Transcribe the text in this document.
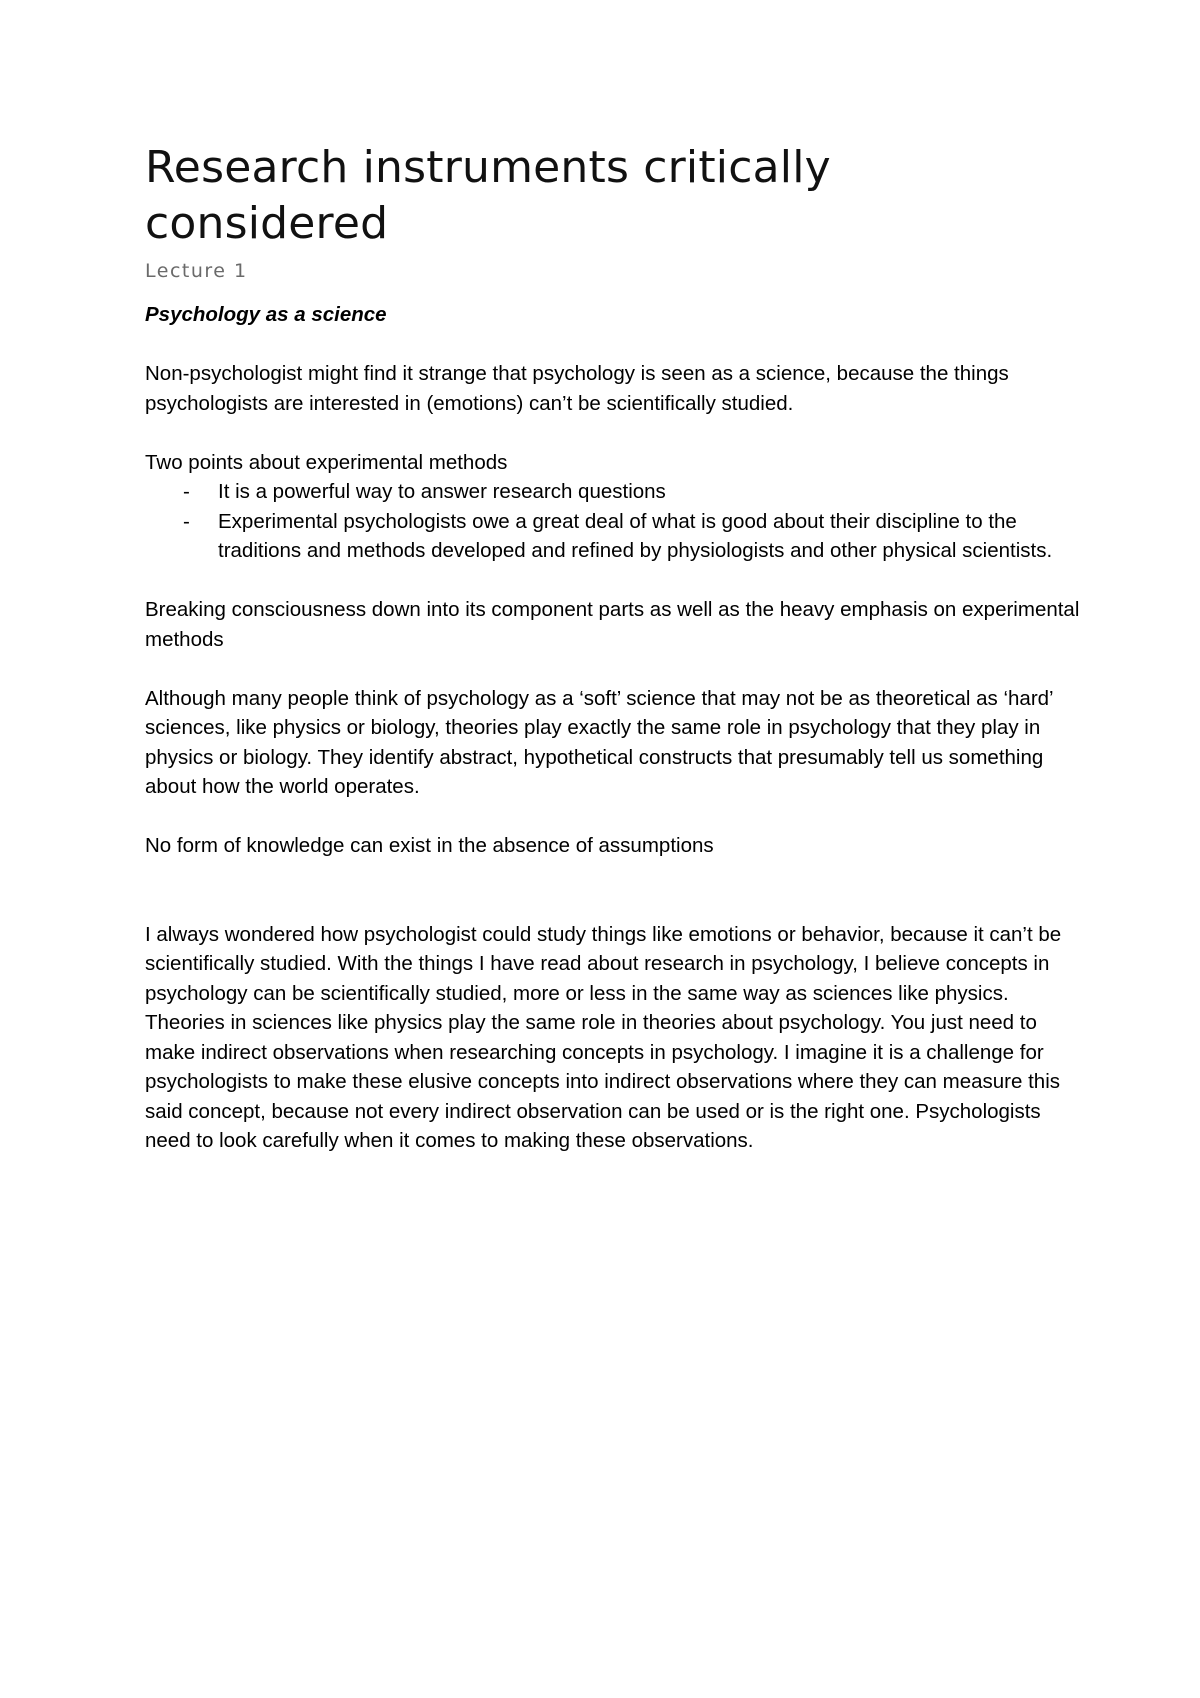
Research instruments critically considered
Lecture 1
Psychology as a science

Non-psychologist might find it strange that psychology is seen as a science, because the things psychologists are interested in (emotions) can’t be scientifically studied.

Two points about experimental methods

- It is a powerful way to answer research questions
- Experimental psychologists owe a great deal of what is good about their discipline to the traditions and methods developed and refined by physiologists and other physical scientists.

Breaking consciousness down into its component parts as well as the heavy emphasis on experimental methods

Although many people think of psychology as a ‘soft’ science that may not be as theoretical as ‘hard’ sciences, like physics or biology, theories play exactly the same role in psychology that they play in physics or biology. They identify abstract, hypothetical constructs that presumably tell us something about how the world operates.

No form of knowledge can exist in the absence of assumptions

I always wondered how psychologist could study things like emotions or behavior, because it can’t be scientifically studied. With the things I have read about research in psychology, I believe concepts in psychology can be scientifically studied, more or less in the same way as sciences like physics. Theories in sciences like physics play the same role in theories about psychology. You just need to make indirect observations when researching concepts in psychology. I imagine it is a challenge for psychologists to make these elusive concepts into indirect observations where they can measure this said concept, because not every indirect observation can be used or is the right one. Psychologists need to look carefully when it comes to making these observations.
